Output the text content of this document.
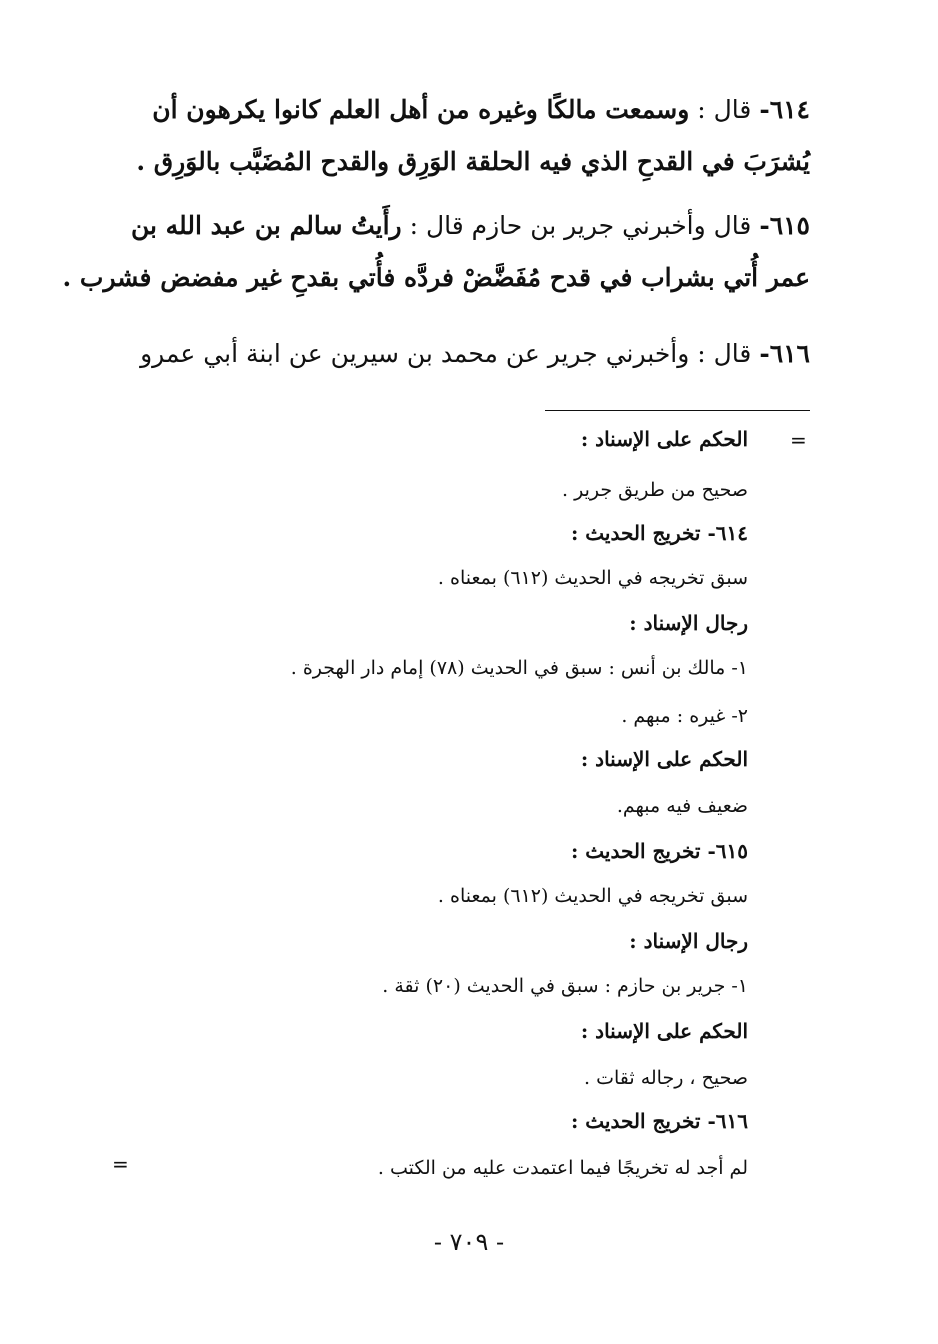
٦١٤- قال : وسمعت مالكًا وغيره من أهل العلم كانوا يكرهون أن
يُشرَبَ في القدحِ الذي فيه الحلقة الوَرِق والقدح المُضَبَّب بالوَرِق .
٦١٥- قال وأخبرني جرير بن حازم قال : رأَيتُ سالم بن عبد الله بن
عمر أُتي بشراب في قدح مُفَضَّضْ فردَّه فأُتي بقدحِ غير مفضض فشرب .
٦١٦- قال : وأخبرني جرير عن محمد بن سيرين عن ابنة أبي عمرو
=
الحكم على الإسناد :
صحيح من طريق جرير .
٦١٤- تخريج الحديث :
سبق تخريجه في الحديث (٦١٢) بمعناه .
رجال الإسناد :
١- مالك بن أنس : سبق في الحديث (٧٨) إمام دار الهجرة .
٢- غيره : مبهم .
الحكم على الإسناد :
ضعيف فيه مبهم.
٦١٥- تخريج الحديث :
سبق تخريجه في الحديث (٦١٢) بمعناه .
رجال الإسناد :
١- جرير بن حازم : سبق في الحديث (٢٠) ثقة .
الحكم على الإسناد :
صحيح ، رجاله ثقات .
٦١٦- تخريج الحديث :
لم أجد له تخريجًا فيما اعتمدت عليه من الكتب .
=
- ٧٠٩ -
